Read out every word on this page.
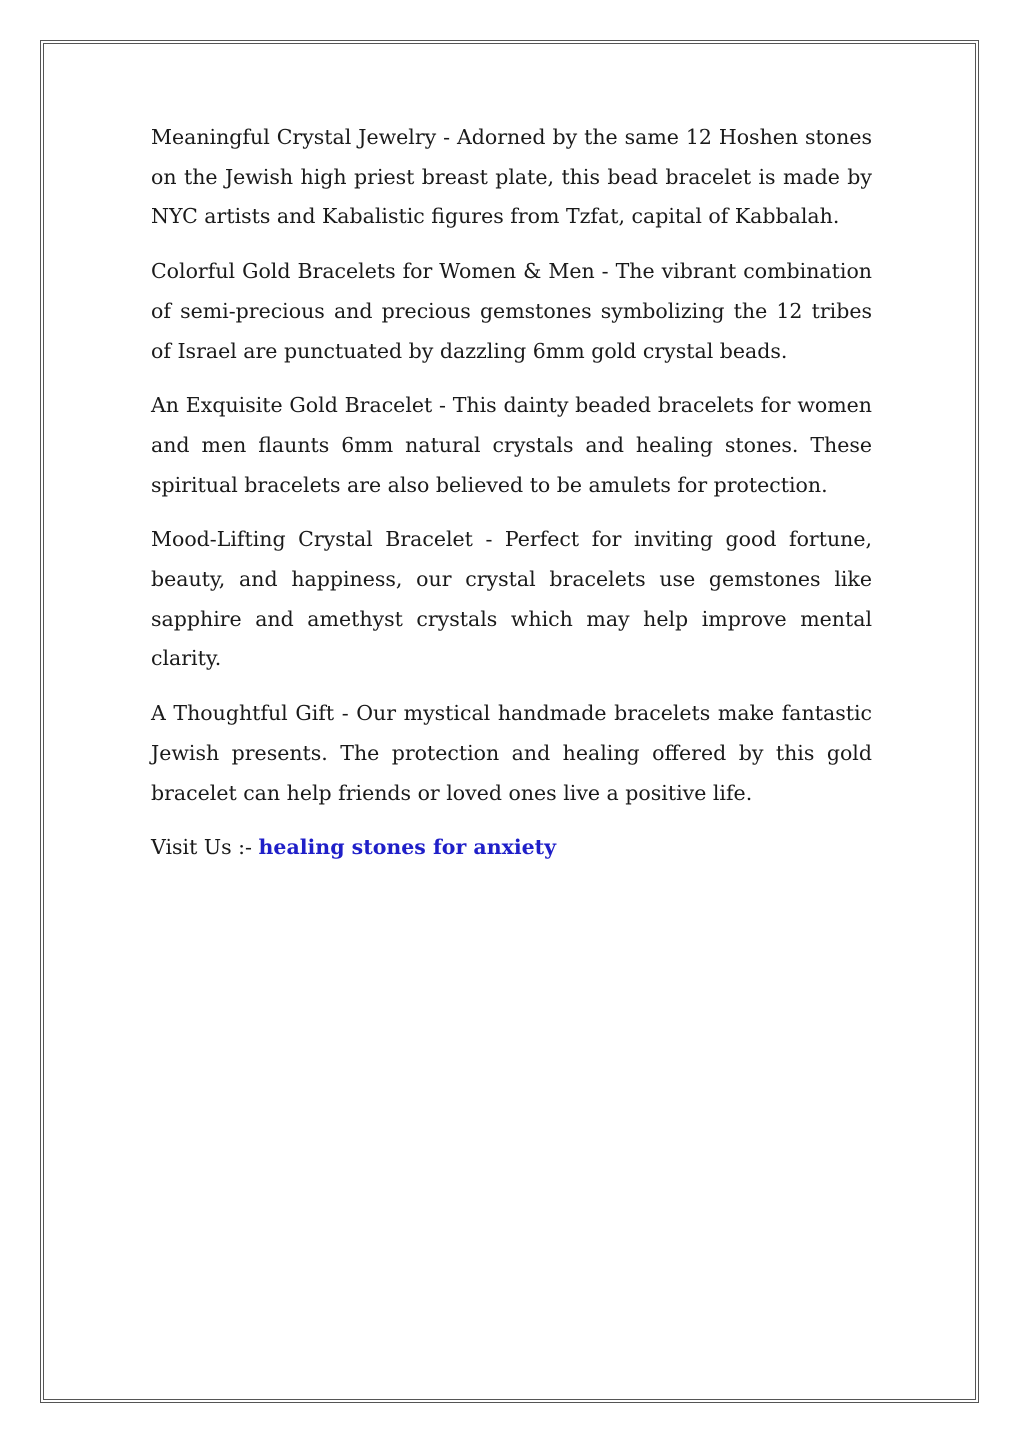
Meaningful Crystal Jewelry - Adorned by the same 12 Hoshen stones on the Jewish high priest breast plate, this bead bracelet is made by NYC artists and Kabalistic figures from Tzfat, capital of Kabbalah.

Colorful Gold Bracelets for Women & Men - The vibrant combination of semi-precious and precious gemstones symbolizing the 12 tribes of Israel are punctuated by dazzling 6mm gold crystal beads.

An Exquisite Gold Bracelet - This dainty beaded bracelets for women and men flaunts 6mm natural crystals and healing stones. These spiritual bracelets are also believed to be amulets for protection.

Mood-Lifting Crystal Bracelet - Perfect for inviting good fortune, beauty, and happiness, our crystal bracelets use gemstones like sapphire and amethyst crystals which may help improve mental clarity.

A Thoughtful Gift - Our mystical handmade bracelets make fantastic Jewish presents. The protection and healing offered by this gold bracelet can help friends or loved ones live a positive life.

Visit Us :- healing stones for anxiety
